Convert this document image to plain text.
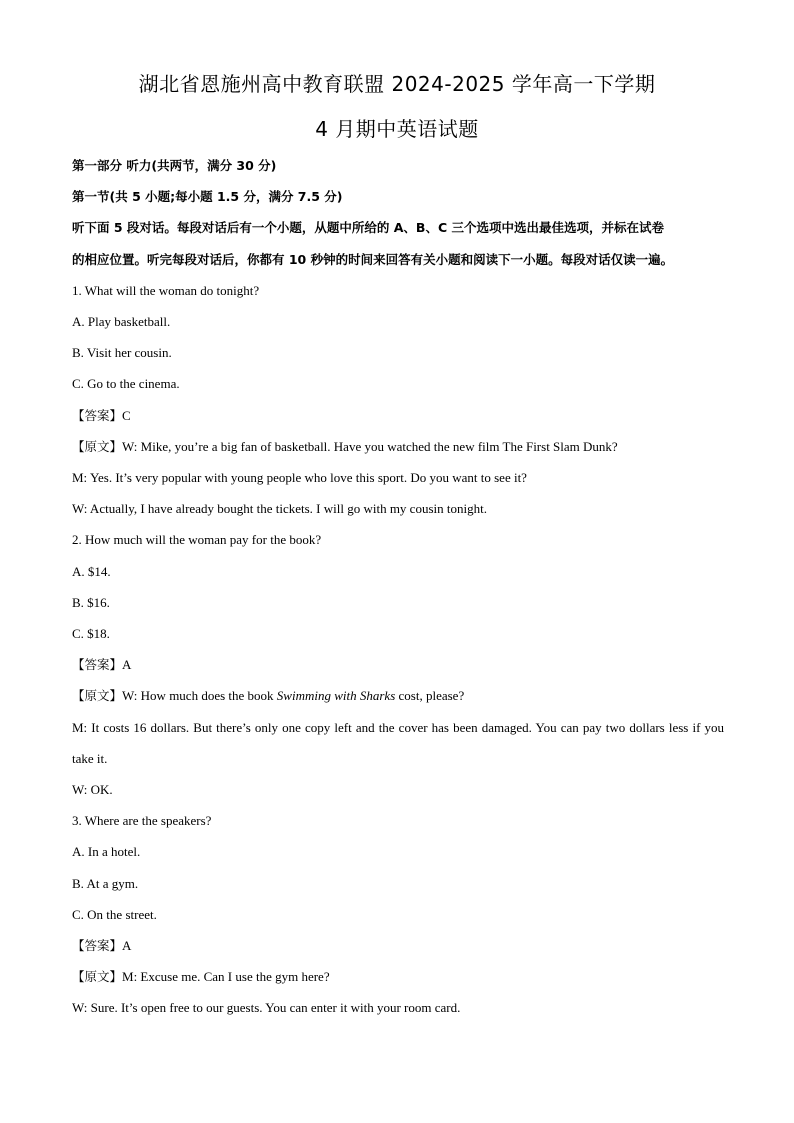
湖北省恩施州高中教育联盟 2024-2025 学年高一下学期
4 月期中英语试题
第一部分 听力(共两节，满分 30 分)
第一节(共 5 小题;每小题 1.5 分，满分 7.5 分)
听下面 5 段对话。每段对话后有一个小题，从题中所给的 A、B、C 三个选项中选出最佳选项，并标在试卷
的相应位置。听完每段对话后，你都有 10 秒钟的时间来回答有关小题和阅读下一小题。每段对话仅读一遍。
1. What will the woman do tonight?
A. Play basketball.
B. Visit her cousin.
C. Go to the cinema.
【答案】C
【原文】W: Mike, you’re a big fan of basketball. Have you watched the new film The First Slam Dunk?
M: Yes. It’s very popular with young people who love this sport. Do you want to see it?
W: Actually, I have already bought the tickets. I will go with my cousin tonight.
2. How much will the woman pay for the book?
A. $14.
B. $16.
C. $18.
【答案】A
【原文】W: How much does the book Swimming with Sharks cost, please?
M: It costs 16 dollars. But there’s only one copy left and the cover has been damaged. You can pay two dollars less if you take it.
W: OK.
3. Where are the speakers?
A. In a hotel.
B. At a gym.
C. On the street.
【答案】A
【原文】M: Excuse me. Can I use the gym here?
W: Sure. It’s open free to our guests. You can enter it with your room card.
